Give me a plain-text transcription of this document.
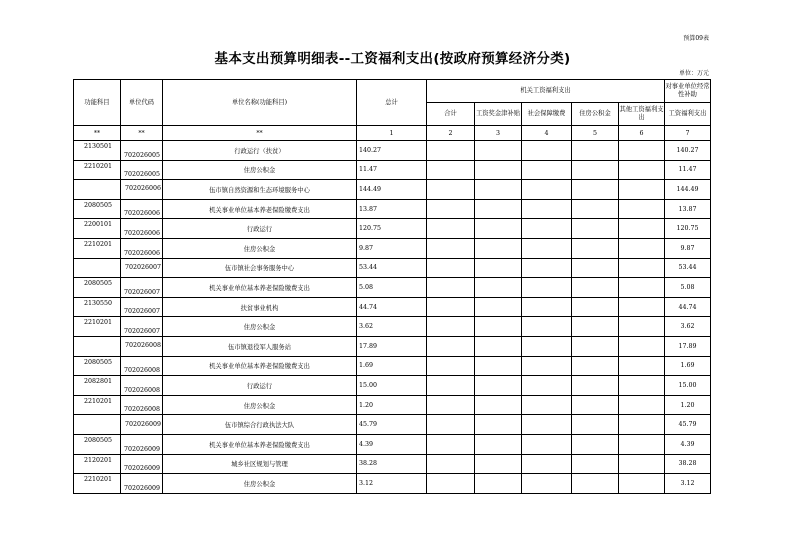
预算09表
基本支出预算明细表--工资福利支出(按政府预算经济分类)
单位：万元
功能科目	单位代码	单位名称(功能科目)	总计	机关工资福利支出					对事业单位经常性补助
				合计	工资奖金津补贴	社会保障缴费	住房公积金	其他工资福利支出	工资福利支出
**	**	**	1	2	3	4	5	6	7
2130501	702026005	行政运行（扶贫）	140.27						140.27
2210201	702026005	住房公积金	11.47						11.47
	702026006	伍市镇自然资源和生态环境服务中心	144.49						144.49
2080505	702026006	机关事业单位基本养老保险缴费支出	13.87						13.87
2200101	702026006	行政运行	120.75						120.75
2210201	702026006	住房公积金	9.87						9.87
	702026007	伍市镇社会事务服务中心	53.44						53.44
2080505	702026007	机关事业单位基本养老保险缴费支出	5.08						5.08
2130550	702026007	扶贫事业机构	44.74						44.74
2210201	702026007	住房公积金	3.62						3.62
	702026008	伍市镇退役军人服务站	17.89						17.89
2080505	702026008	机关事业单位基本养老保险缴费支出	1.69						1.69
2082801	702026008	行政运行	15.00						15.00
2210201	702026008	住房公积金	1.20						1.20
	702026009	伍市镇综合行政执法大队	45.79						45.79
2080505	702026009	机关事业单位基本养老保险缴费支出	4.39						4.39
2120201	702026009	城乡社区规划与管理	38.28						38.28
2210201	702026009	住房公积金	3.12						3.12
